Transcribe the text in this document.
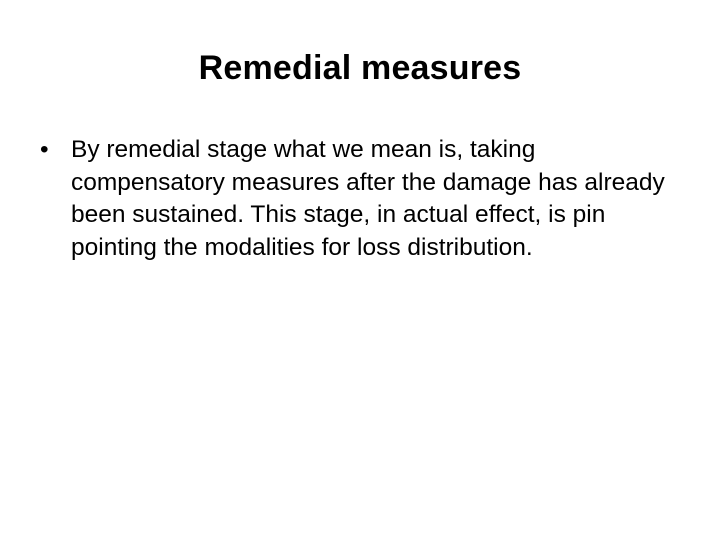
Remedial measures
• By remedial stage what we mean is, taking compensatory measures after the damage has already been sustained. This stage, in actual effect, is pin pointing the modalities for loss distribution.
